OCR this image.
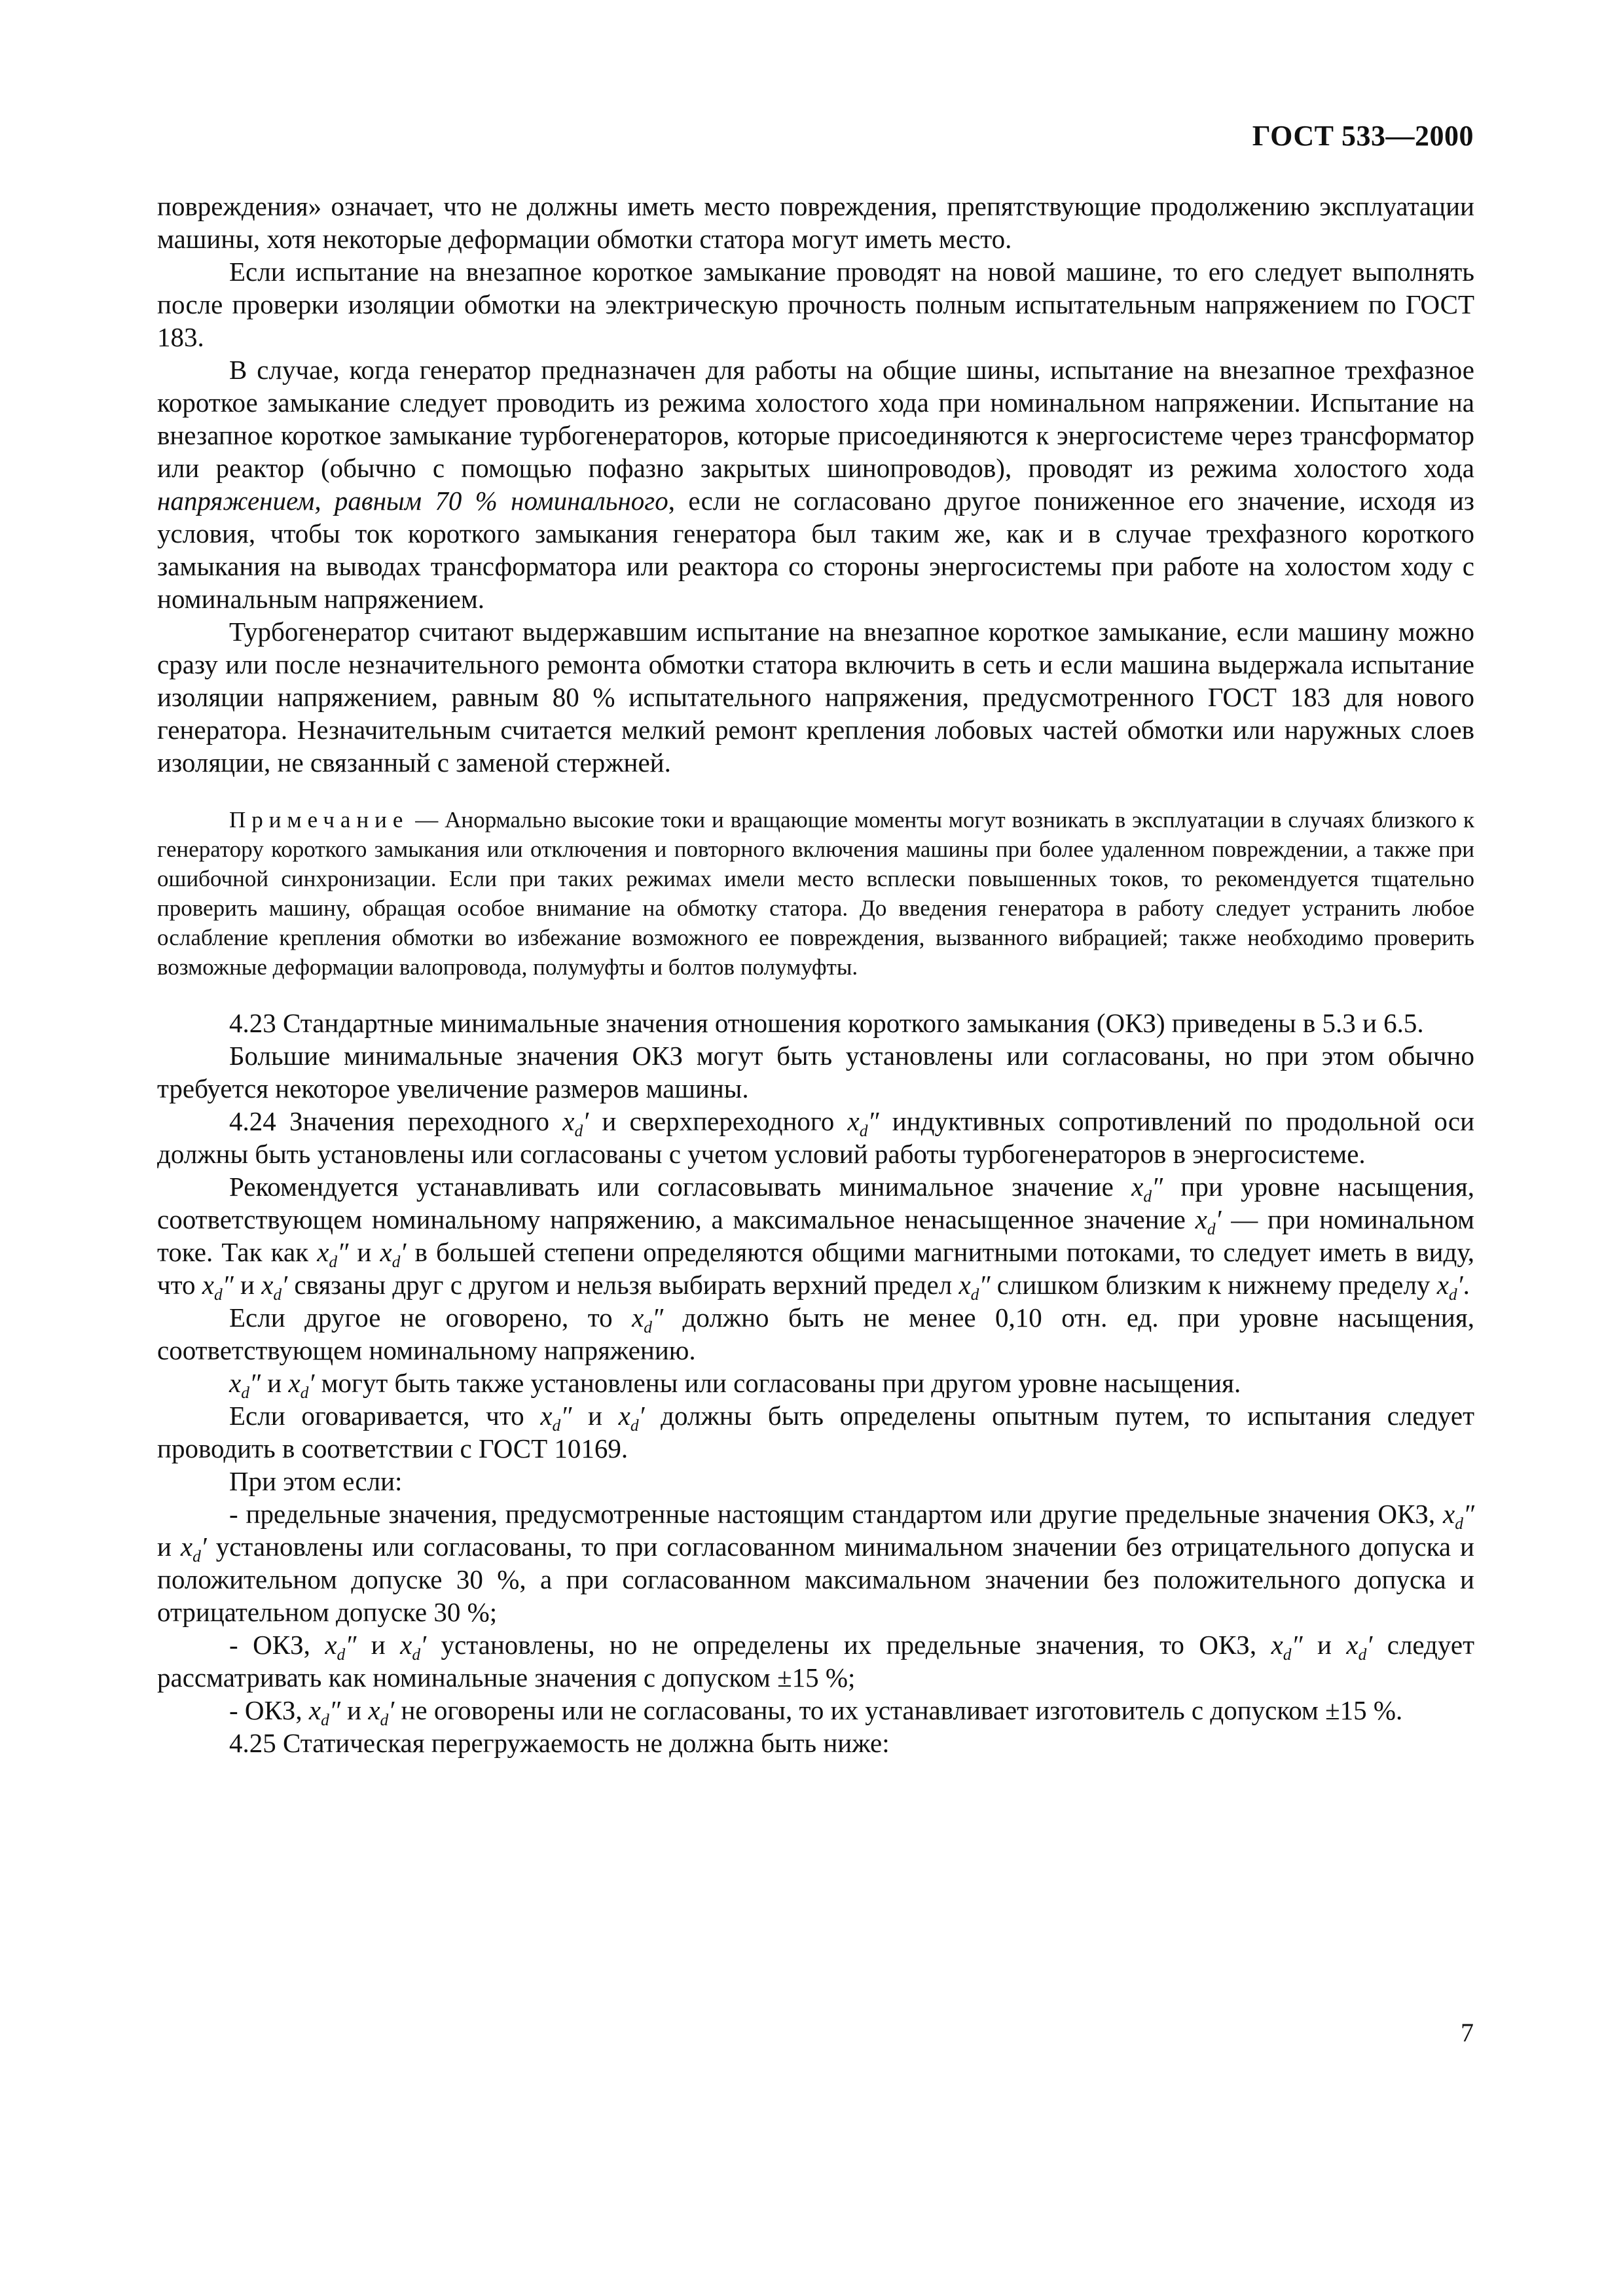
ГОСТ 533—2000

повреждения» означает, что не должны иметь место повреждения, препятствующие продолжению эксплуатации машины, хотя некоторые деформации обмотки статора могут иметь место.

Если испытание на внезапное короткое замыкание проводят на новой машине, то его следует выполнять после проверки изоляции обмотки на электрическую прочность полным испытательным напряжением по ГОСТ 183.

В случае, когда генератор предназначен для работы на общие шины, испытание на внезапное трехфазное короткое замыкание следует проводить из режима холостого хода при номинальном напряжении. Испытание на внезапное короткое замыкание турбогенераторов, которые присоединяются к энергосистеме через трансформатор или реактор (обычно с помощью пофазно закрытых шинопроводов), проводят из режима холостого хода напряжением, равным 70 % номинального, если не согласовано другое пониженное его значение, исходя из условия, чтобы ток короткого замыкания генератора был таким же, как и в случае трехфазного короткого замыкания на выводах трансформатора или реактора со стороны энергосистемы при работе на холостом ходу с номинальным напряжением.

Турбогенератор считают выдержавшим испытание на внезапное короткое замыкание, если машину можно сразу или после незначительного ремонта обмотки статора включить в сеть и если машина выдержала испытание изоляции напряжением, равным 80 % испытательного напряжения, предусмотренного ГОСТ 183 для нового генератора. Незначительным считается мелкий ремонт крепления лобовых частей обмотки или наружных слоев изоляции, не связанный с заменой стержней.

Примечание — Анормально высокие токи и вращающие моменты могут возникать в эксплуатации в случаях близкого к генератору короткого замыкания или отключения и повторного включения машины при более удаленном повреждении, а также при ошибочной синхронизации. Если при таких режимах имели место всплески повышенных токов, то рекомендуется тщательно проверить машину, обращая особое внимание на обмотку статора. До введения генератора в работу следует устранить любое ослабление крепления обмотки во избежание возможного ее повреждения, вызванного вибрацией; также необходимо проверить возможные деформации валопровода, полумуфты и болтов полумуфты.

4.23 Стандартные минимальные значения отношения короткого замыкания (ОКЗ) приведены в 5.3 и 6.5.

Большие минимальные значения ОКЗ могут быть установлены или согласованы, но при этом обычно требуется некоторое увеличение размеров машины.

4.24 Значения переходного $x_d'$ и сверхпереходного $x_d''$ индуктивных сопротивлений по продольной оси должны быть установлены или согласованы с учетом условий работы турбогенераторов в энергосистеме.

Рекомендуется устанавливать или согласовывать минимальное значение $x_d''$ при уровне насыщения, соответствующем номинальному напряжению, а максимальное ненасыщенное значение $x_d'$ — при номинальном токе. Так как $x_d''$ и $x_d'$ в большей степени определяются общими магнитными потоками, то следует иметь в виду, что $x_d''$ и $x_d'$ связаны друг с другом и нельзя выбирать верхний предел $x_d''$ слишком близким к нижнему пределу $x_d'$.

Если другое не оговорено, то $x_d''$ должно быть не менее 0,10 отн. ед. при уровне насыщения, соответствующем номинальному напряжению.

$x_d''$ и $x_d'$ могут быть также установлены или согласованы при другом уровне насыщения.

Если оговаривается, что $x_d''$ и $x_d'$ должны быть определены опытным путем, то испытания следует проводить в соответствии с ГОСТ 10169.

При этом если:

- предельные значения, предусмотренные настоящим стандартом или другие предельные значения ОКЗ, $x_d''$ и $x_d'$ установлены или согласованы, то при согласованном минимальном значении без отрицательного допуска и положительном допуске 30 %, а при согласованном максимальном значении без положительного допуска и отрицательном допуске 30 %;

- ОКЗ, $x_d''$ и $x_d'$ установлены, но не определены их предельные значения, то ОКЗ, $x_d''$ и $x_d'$ следует рассматривать как номинальные значения с допуском ±15 %;

- ОКЗ, $x_d''$ и $x_d'$ не оговорены или не согласованы, то их устанавливает изготовитель с допуском ±15 %.

4.25 Статическая перегружаемость не должна быть ниже:

7
